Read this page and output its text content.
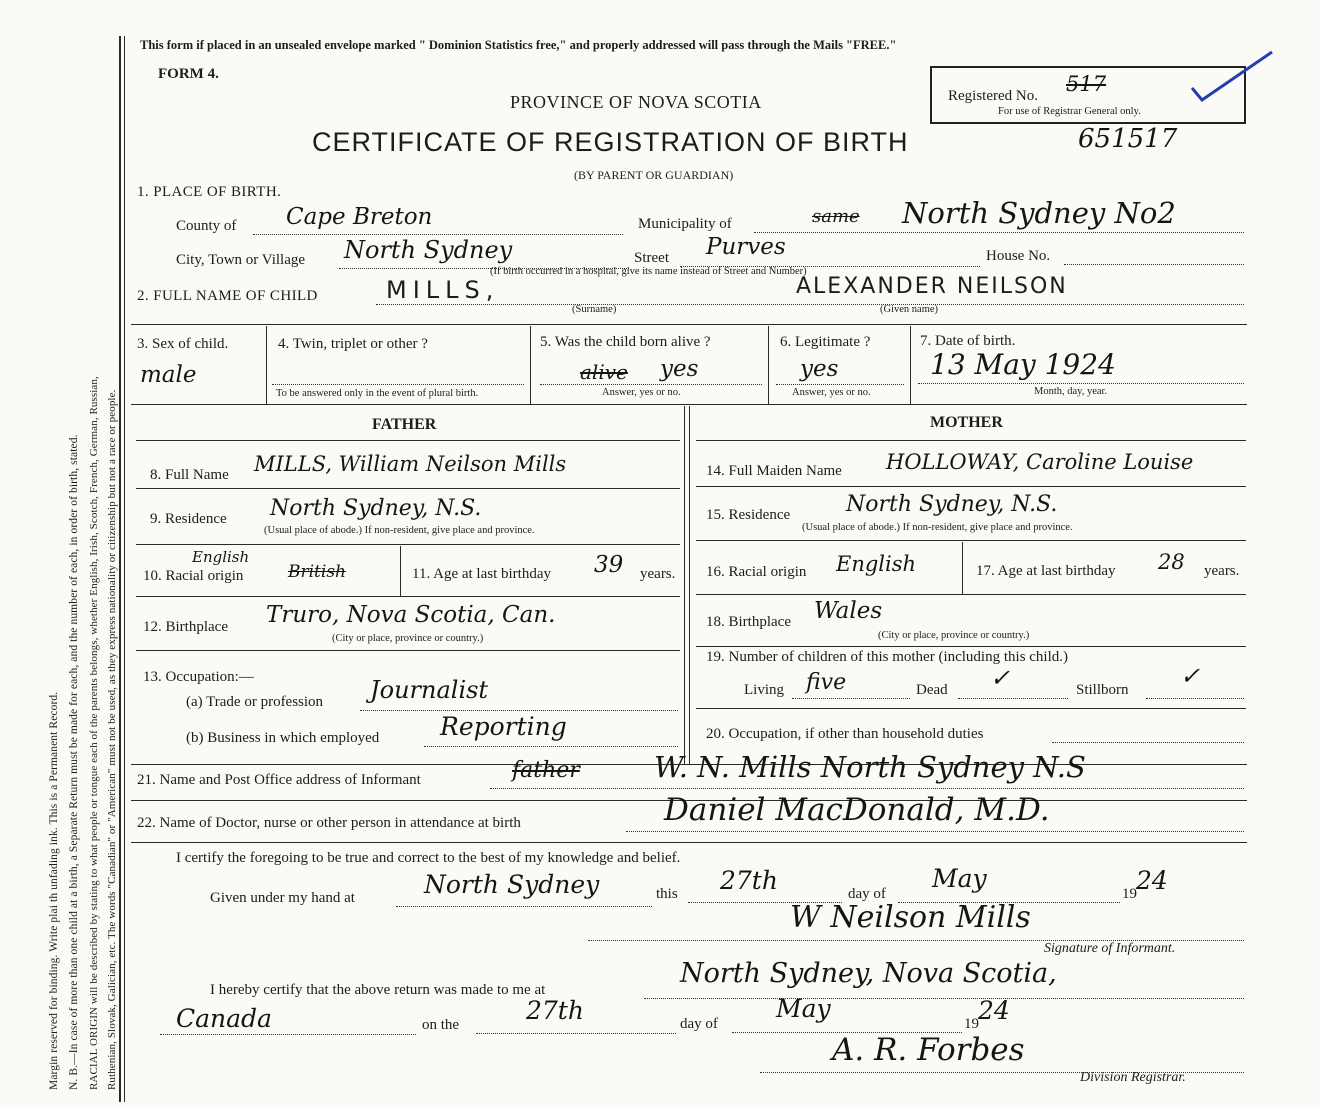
Margin reserved for binding. Write plai th unfading ink. This is a Permanent Record. N. B.—In case of more than one child at a birth, a Separate Return must be made for each, and the number of each, in order of birth, stated. RACIAL ORIGIN will be described by stating to what people or tongue each of the parents belongs, whether English, Irish, Scotch, French, German, Russian, Ruthenian, Slovak, Galician, etc. The words "Canadian" or "American" must not be used, as they express nationality or citizenship but not a race or people.
This form if placed in an unsealed envelope marked " Dominion Statistics free," and properly addressed will pass through the Mails "FREE."
FORM 4.
PROVINCE OF NOVA SCOTIA
CERTIFICATE OF REGISTRATION OF BIRTH	651517
(BY PARENT OR GUARDIAN)
Registered No. 517
For use of Registrar General only.
1. PLACE OF BIRTH.
County of Cape Breton	Municipality of	same North Sydney No2
City, Town or Village North Sydney	Street Purves	House No.
(If birth occurred in a hospital, give its name instead of Street and Number)
2. FULL NAME OF CHILD	MILLS,
(Surname)
ALEXANDER NEILSON
(Given name)
3. Sex of child.
male
4. Twin, triplet or other ?
To be answered only in the event of plural birth.
5. Was the child born alive ?
alive yes
Answer, yes or no.
6. Legitimate ?
yes
Answer, yes or no.
7. Date of birth.
13 May 1924
Month, day, year.
FATHER	MOTHER
8. Full Name MILLS, William Neilson Mills	14. Full Maiden Name HOLLOWAY, Caroline Louise
9. Residence North Sydney, N.S.
(Usual place of abode.) If non-resident, give place and province.
15. Residence	North Sydney, N.S.
(Usual place of abode.) If non-resident, give place and province.
10. Racial origin
English
British	11. Age at last birthday 39 years. 16. Racial origin English	17. Age at last birthday 28 years.
12. Birthplace Truro, Nova Scotia, Can.
(City or place, province or country.)
18. Birthplace Wales
(City or place, province or country.)
13. Occupation:—
(a) Trade or profession Journalist
(b) Business in which employed Reporting
19. Number of children of this mother (including this child.)
Living five	Dead ✓	Stillborn ✓
20. Occupation, if other than household duties
21. Name and Post Office address of Informant	father	W. N. Mills North Sydney N.S
22. Name of Doctor, nurse or other person in attendance at birth	Daniel MacDonald, M.D.
I certify the foregoing to be true and correct to the best of my knowledge and belief.
Given under my hand at	North Sydney	this 27th	day of
May
19 24
W Neilson Mills
Signature of Informant.
I hereby certify that the above return was made to me at
North Sydney, Nova Scotia,
Canada	on the	27th	day of
May
19 24
A. R. Forbes
Division Registrar.
